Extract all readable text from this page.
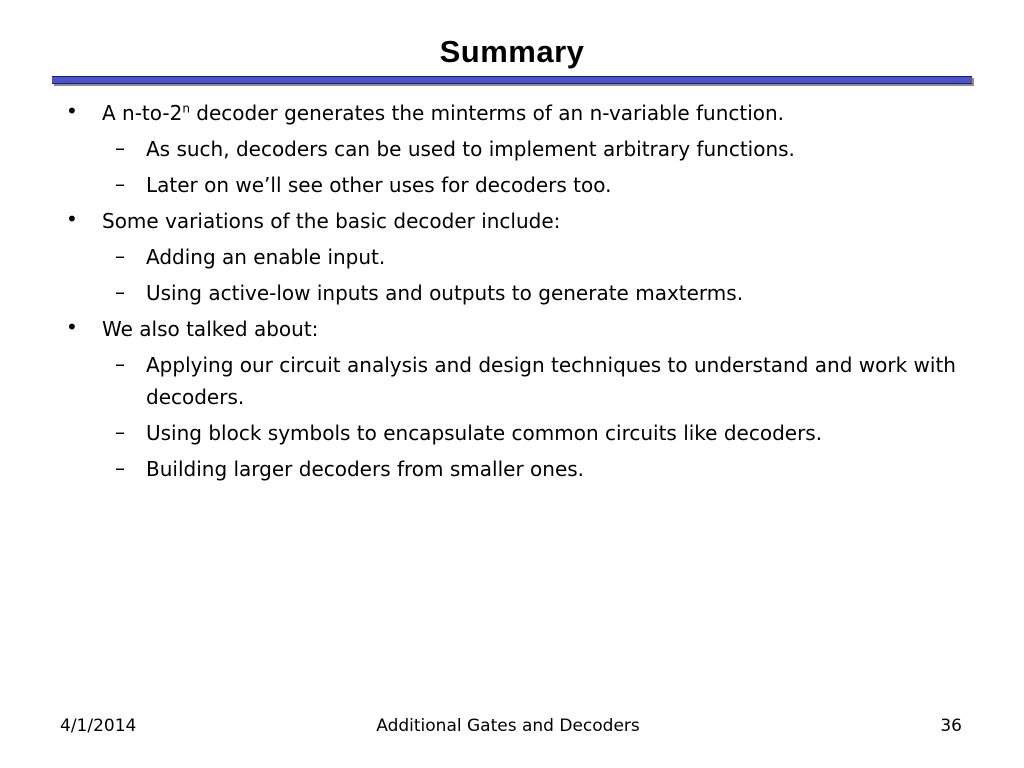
Summary
• A n-to-2$^n$ decoder generates the minterms of an n-variable function.
– As such, decoders can be used to implement arbitrary functions.
– Later on we’ll see other uses for decoders too.
• Some variations of the basic decoder include:
– Adding an enable input.
– Using active-low inputs and outputs to generate maxterms.
• We also talked about:
– Applying our circuit analysis and design techniques to understand and work with decoders.
– Using block symbols to encapsulate common circuits like decoders.
– Building larger decoders from smaller ones.
4/1/2014	Additional Gates and Decoders	36
